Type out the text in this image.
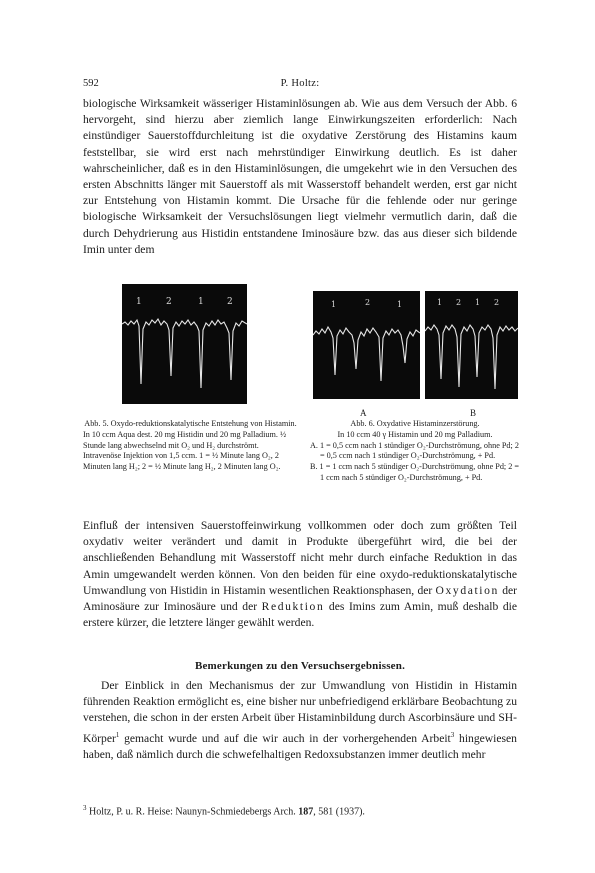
592	P. Holtz:

biologische Wirksamkeit wässeriger Histaminlösungen ab. Wie aus dem Versuch der Abb. 6 hervorgeht, sind hierzu aber ziemlich lange Einwirkungszeiten erforderlich: Nach einstündiger Sauerstoffdurchleitung ist die oxydative Zerstörung des Histamins kaum feststellbar, sie wird erst nach mehrstündiger Einwirkung deutlich. Es ist daher wahrscheinlicher, daß es in den Histaminlösungen, die umgekehrt wie in den Versuchen des ersten Abschnitts länger mit Sauerstoff als mit Wasserstoff behandelt werden, erst gar nicht zur Entstehung von Histamin kommt. Die Ursache für die fehlende oder nur geringe biologische Wirksamkeit der Versuchslösungen liegt vielmehr vermutlich darin, daß die durch Dehydrierung aus Histidin entstandene Iminosäure bzw. das aus dieser sich bildende Imin unter dem

1	2	1	2	1	2	1	1 2 1 2
A	B

Abb. 5. Oxydo-reduktionskatalytische Entstehung von Histamin.

In 10 ccm Aqua dest. 20 mg Histidin und 20 mg Palladium. ½ Stunde lang abwechselnd mit O₂ und H₂ durchströmt. Intravenöse Injektion von 1,5 ccm. 1 = ½ Minute lang O₂, 2 Minuten lang H₂; 2 = ½ Minute lang H₂, 2 Minuten lang O₂.

Abb. 6. Oxydative Histaminzerstörung.

In 10 ccm 40 γ Histamin und 20 mg Palladium.

A. 1 = 0,5 ccm nach 1 stündiger O₂-Durchströmung, ohne Pd; 2 = 0,5 ccm nach 1 stündiger O₂-Durchströmung, + Pd.

B. 1 = 1 ccm nach 5 stündiger O₂-Durchströmung, ohne Pd; 2 = 1 ccm nach 5 stündiger O₂-Durchströmung, + Pd.

Einfluß der intensiven Sauerstoffeinwirkung vollkommen oder doch zum größten Teil oxydativ weiter verändert und damit in Produkte übergeführt wird, die bei der anschließenden Behandlung mit Wasserstoff nicht mehr durch einfache Reduktion in das Amin umgewandelt werden können. Von den beiden für eine oxydo-reduktionskatalytische Umwandlung von Histidin in Histamin wesentlichen Reaktionsphasen, der Oxydation der Aminosäure zur Iminosäure und der Reduktion des Imins zum Amin, muß deshalb die erstere kürzer, die letztere länger gewählt werden.

Bemerkungen zu den Versuchsergebnissen.

Der Einblick in den Mechanismus der zur Umwandlung von Histidin in Histamin führenden Reaktion ermöglicht es, eine bisher nur unbefriedigend erklärbare Beobachtung zu verstehen, die schon in der ersten Arbeit über Histaminbildung durch Ascorbinsäure und SH-Körper$^1$ gemacht wurde und auf die wir auch in der vorhergehenden Arbeit$^3$ hingewiesen haben, daß nämlich durch die schwefelhaltigen Redoxsubstanzen immer deutlich mehr

$^3$ Holtz, P. u. R. Heise: Naunyn-Schmiedebergs Arch. 187, 581 (1937).
